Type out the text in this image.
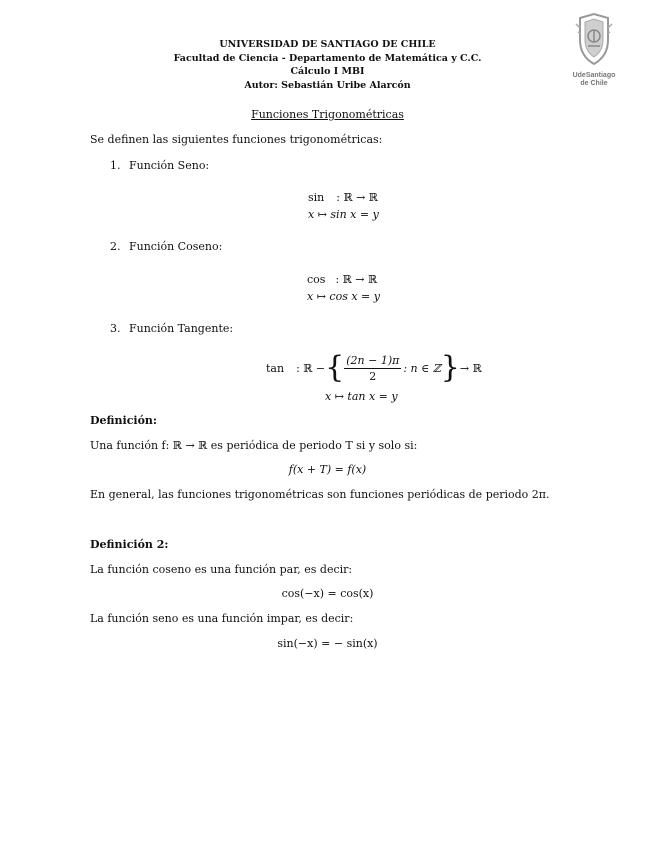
UNIVERSIDAD DE SANTIAGO DE CHILE
Facultad de Ciencia - Departamento de Matemática y C.C.
Cálculo I MBI
Autor: Sebastián Uribe Alarcón
UdeSantiago
de Chile
Funciones Trigonométricas
Se definen las siguientes funciones trigonométricas:
1. Función Seno:
sin : ℝ → ℝ
x ↦ sin x = y
2. Función Coseno:
cos : ℝ → ℝ
x ↦ cos x = y
3. Función Tangente:
tan : ℝ − { $\frac{(2n - 1)\pi}{2}$ : n ∈ ℤ } → ℝ
x ↦ tan x = y
Definición:
Una función f: ℝ → ℝ es periódica de periodo T si y solo si:
f(x + T) = f(x)
En general, las funciones trigonométricas son funciones periódicas de periodo 2π.
Definición 2:
La función coseno es una función par, es decir:
cos(−x) = cos(x)
La función seno es una función impar, es decir:
sin(−x) = − sin(x)
